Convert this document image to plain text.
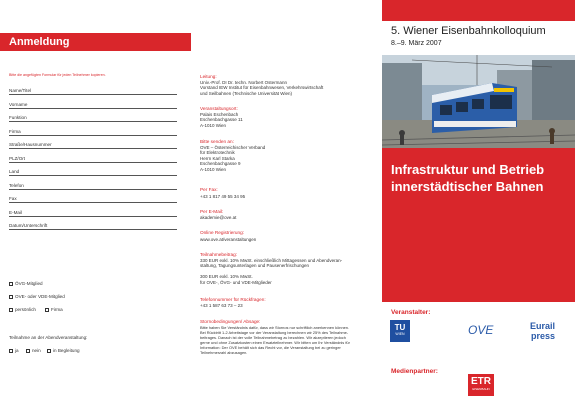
Anmeldung
Bitte die angefügten Formular für jeden Teilnehmer kopieren.
Name/Titel
Vorname
Funktion
Firma
Straße/Hausnummer
PLZ/Ort
Land
Telefon
Fax
E-Mail
Datum/Unterschrift
ÖVG-Mitglied
OVE- oder VDE-Mitglied
persönlich	Firma
Teilnahme an der Abendveranstaltung:
ja	nein	in Begleitung
Leitung:
Univ.-Prof. DI Dr. techn. Norbert Ostermann
Vorstand IEW Institut für Eisenbahnwesen, Verkehrswirtschaft
und Seilbahnen (Technische Universität Wien)
Veranstaltungsort:
Palais Eschenbach
Eschenbachgasse 11
A-1010 Wien
Bitte senden an:
OVE – Österreichischer Verband
für Elektrotechnik
Herrn Karl Starka
Eschenbachgasse 9
A-1010 Wien
Per Fax:
+43 1 817 49 55 34 95
Per E-Mail:
akademie@ove.at
Online Registrierung:
www.ove.at/veranstaltungen
Teilnahmebeitrag:
330 EUR exkl. 10% MwSt. einschließlich Mittagessen und Abendveran-
staltung, Tagungsunterlagen und Pausenerfrischungen
300 EUR exkl. 10% MwSt.
für OVE-, ÖVG- und VDE-Mitglieder
Telefonnummer für Rückfragen:
+43 1 587 63 73 – 23
Stornobedingungen/ Absage:
Bitte haben Sie Verständnis dafür, dass wir Stornos nur schriftlich anerkennen können.
Bei Rücktritt 1-2 Arbeitstage vor der Veranstaltung berechnen wir 25% des Teilnahme-
beitrages. Danach ist der volle Teilnahmebetrag zu bezahlen. Wir akzeptieren jedoch
gerne und ohne Zusatzkosten einen Ersatzteilnehmer. Wir bitten um Ihr Verständnis für
Information: Der OVE behält sich das Recht vor, die Veranstaltung bei zu geringer
Teilnehmerzahl abzusagen.
5. Wiener Eisenbahnkolloquium
8.–9. März 2007
Infrastruktur und Betrieb
innerstädtischer Bahnen
Veranstalter:
TU
WIEN	OVE	Eurail
press
Medienpartner:
ETR
EISENBAHN
